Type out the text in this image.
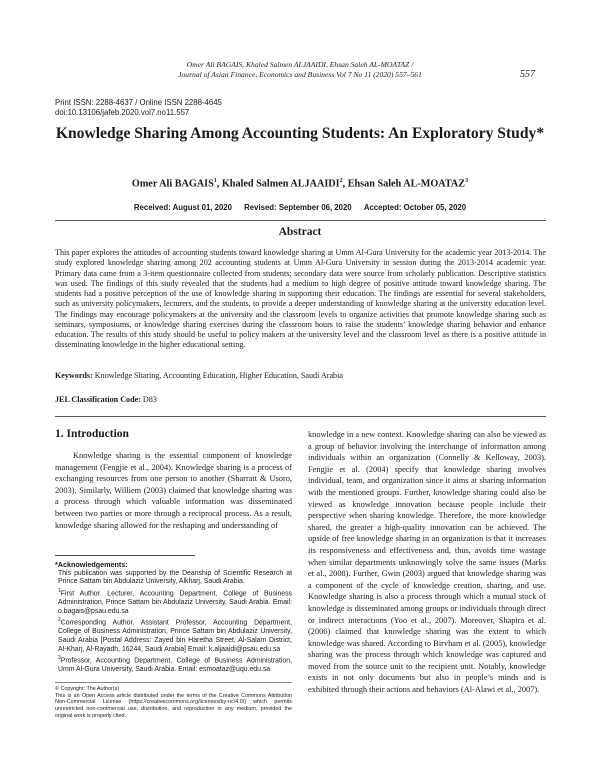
Omer Ali BAGAIS, Khaled Salmen ALJAAIDI, Ehsan Saleh AL-MOATAZ /
Journal of Asian Finance, Economics and Business Vol 7 No 11 (2020) 557–561	557
Print ISSN: 2288-4637 / Online ISSN 2288-4645
doi:10.13106/jafeb.2020.vol7.no11.557
Knowledge Sharing Among Accounting Students: An Exploratory Study*
Omer Ali BAGAIS$^1$, Khaled Salmen ALJAAIDI$^2$, Ehsan Saleh AL-MOATAZ$^3$
Received: August 01, 2020 Revised: September 06, 2020 Accepted: October 05, 2020
Abstract
This paper explores the attitudes of accounting students toward knowledge sharing at Umm Al-Gura University for the academic year 2013-2014. The study explored knowledge sharing among 202 accounting students at Umm Al-Gura University in session during the 2013-2014 academic year. Primary data came from a 3-item questionnaire collected from students; secondary data were source from scholarly publication. Descriptive statistics was used. The findings of this study revealed that the students had a medium to high degree of positive attitude toward knowledge sharing. The students had a positive perception of the use of knowledge sharing in supporting their education. The findings are essential for several stakeholders, such as university policymakers, lecturers, and the students, to provide a deeper understanding of knowledge sharing at the university education level. The findings may encourage policymakers at the university and the classroom levels to organize activities that promote knowledge sharing such as seminars, symposiums, or knowledge sharing exercises during the classroom hours to raise the students’ knowledge sharing behavior and enhance education. The results of this study should be useful to policy makers at the university level and the classroom level as there is a positive attitude in disseminating knowledge in the higher educational setting.
Keywords: Knowledge Sharing, Accounting Education, Higher Education, Saudi Arabia
JEL Classification Code: D83
1. Introduction
Knowledge sharing is the essential component of knowledge management (Fengjie et al., 2004). Knowledge sharing is a process of exchanging resources from one person to another (Sharratt & Usoro, 2003). Similarly, Williem (2003) claimed that knowledge sharing was a process through which valuable information was disseminated between two parties or more through a reciprocal process. As a result, knowledge sharing allowed for the reshaping and understanding of
knowledge in a new context. Knowledge sharing can also be viewed as a group of behavior involving the interchange of information among individuals within an organization (Connelly & Kelloway, 2003). Fengjie et al. (2004) specify that knowledge sharing involves individual, team, and organization since it aims at sharing information with the mentioned groups. Further, knowledge sharing could also be viewed as knowledge innovation because people include their perspective when sharing knowledge. Therefore, the more knowledge shared, the greater a high-quality innovation can be achieved. The upside of free knowledge sharing in an organization is that it increases its responsiveness and effectiveness and, thus, avoids time wastage when similar departments unknowingly solve the same issues (Marks et al., 2008). Further, Gwin (2003) argued that knowledge sharing was a component of the cycle of knowledge creation, sharing, and use. Knowledge sharing is also a process through which a mutual stock of knowledge is disseminated among groups or individuals through direct or indirect interactions (Yoo et al., 2007). Moreover, Shapira et al. (2006) claimed that knowledge sharing was the extent to which knowledge was shared. According to Birvham et al. (2005), knowledge sharing was the process through which knowledge was captured and moved from the source unit to the recipient unit. Notably, knowledge exists in not only documents but also in people’s minds and is exhibited through their actions and behaviors (Al-Alawi et al., 2007).
*Acknowledgements:
This publication was supported by the Deanship of Scientific Research at Prince Sattam bin Abdulaziz University, Alkharj, Saudi Arabia.
$^1$First Author. Lecturer, Accounting Department, College of Business Administration, Prince Sattam bin Abdulaziz University, Saudi Arabia. Email: o.bagais@psau.edu.sa
$^2$Corresponding Author. Assistant Professor, Accounting Department, College of Business Administration, Prince Sattam bin Abdulaziz University, Saudi Arabia [Postal Address: Zayed bin Haretha Street, Al-Salam District, Al-Kharj, Al-Rayadh, 16244, Saudi Arabia] Email: k.aljaaidi@psau.edu.sa
$^3$Professor, Accounting Department, College of Business Administration, Umm Al-Gura University, Saudi Arabia. Email: esmoataz@uqu.edu.sa
© Copyright: The Author(s)
This is an Open Access article distributed under the terms of the Creative Commons Attribution Non-Commercial License (https://creativecommons.org/licenses/by-nc/4.0/) which permits unrestricted non-commercial use, distribution, and reproduction in any medium, provided the original work is properly cited.
